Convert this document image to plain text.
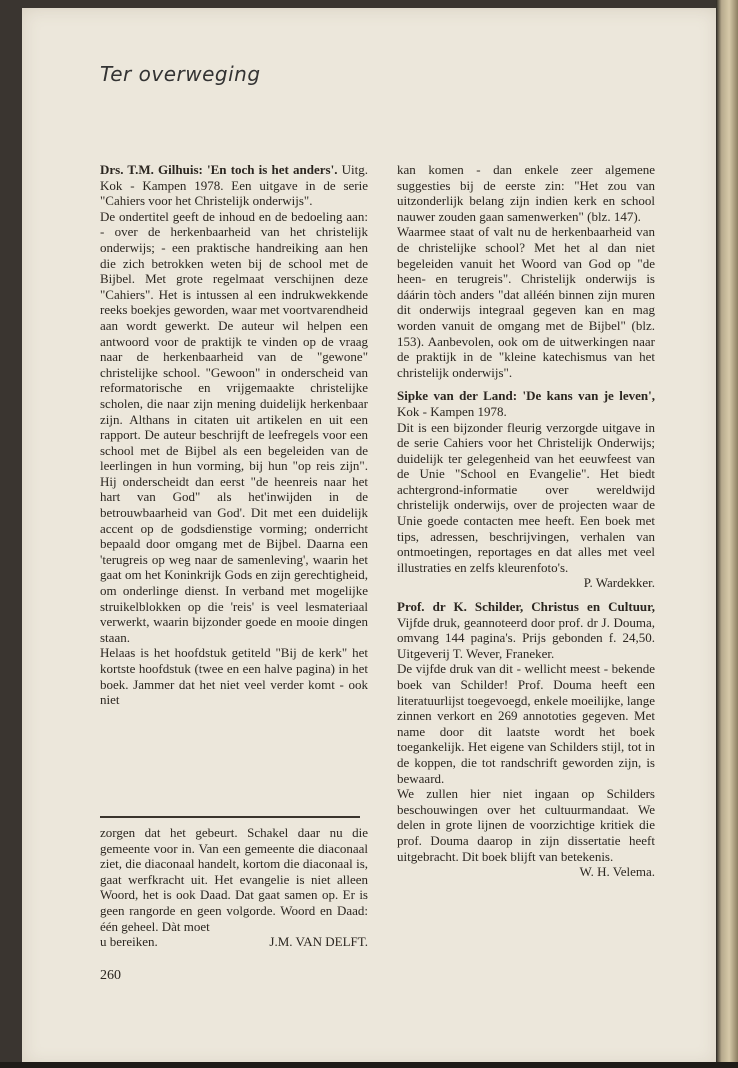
Ter overweging

Drs. T.M. Gilhuis: 'En toch is het anders'. Uitg. Kok - Kampen 1978. Een uitgave in de serie "Cahiers voor het Christelijk onderwijs".

De ondertitel geeft de inhoud en de bedoeling aan: - over de herkenbaarheid van het christelijk onderwijs; - een praktische handreiking aan hen die zich betrokken weten bij de school met de Bijbel. Met grote regelmaat verschijnen deze "Cahiers". Het is intussen al een indrukwekkende reeks boekjes geworden, waar met voortvarendheid aan wordt gewerkt. De auteur wil helpen een antwoord voor de praktijk te vinden op de vraag naar de herkenbaarheid van de "gewone" christelijke school. "Gewoon" in onderscheid van reformatorische en vrijgemaakte christelijke scholen, die naar zijn mening duidelijk herkenbaar zijn. Althans in citaten uit artikelen en uit een rapport. De auteur beschrijft de leefregels voor een school met de Bijbel als een begeleiden van de leerlingen in hun vorming, bij hun "op reis zijn". Hij onderscheidt dan eerst "de heenreis naar het hart van God" als het'inwijden in de betrouwbaarheid van God'. Dit met een duidelijk accent op de godsdienstige vorming; onderricht bepaald door omgang met de Bijbel. Daarna een 'terugreis op weg naar de samenleving', waarin het gaat om het Koninkrijk Gods en zijn gerechtigheid, om onderlinge dienst. In verband met mogelijke struikelblokken op die 'reis' is veel lesmateriaal verwerkt, waarin bijzonder goede en mooie dingen staan.

Helaas is het hoofdstuk getiteld "Bij de kerk" het kortste hoofdstuk (twee en een halve pagina) in het boek. Jammer dat het niet veel verder komt - ook niet

zorgen dat het gebeurt. Schakel daar nu die gemeente voor in. Van een gemeente die diaconaal ziet, die diaconaal handelt, kortom die diaconaal is, gaat werfkracht uit. Het evangelie is niet alleen Woord, het is ook Daad. Dat gaat samen op. Er is geen rangorde en geen volgorde. Woord en Daad: één geheel. Dàt moet

u bereiken.	J.M. VAN DELFT.

kan komen - dan enkele zeer algemene suggesties bij de eerste zin: "Het zou van uitzonderlijk belang zijn indien kerk en school nauwer zouden gaan samenwerken" (blz. 147).

Waarmee staat of valt nu de herkenbaarheid van de christelijke school? Met het al dan niet begeleiden vanuit het Woord van God op "de heen- en terugreis". Christelijk onderwijs is dáárin tòch anders "dat alléén binnen zijn muren dit onderwijs integraal gegeven kan en mag worden vanuit de omgang met de Bijbel" (blz. 153). Aanbevolen, ook om de uitwerkingen naar de praktijk in de "kleine katechismus van het christelijk onderwijs".

Sipke van der Land: 'De kans van je leven', Kok - Kampen 1978.

Dit is een bijzonder fleurig verzorgde uitgave in de serie Cahiers voor het Christelijk Onderwijs; duidelijk ter gelegenheid van het eeuwfeest van de Unie "School en Evangelie". Het biedt achtergrond-informatie over wereldwijd christelijk onderwijs, over de projecten waar de Unie goede contacten mee heeft. Een boek met tips, adressen, beschrijvingen, verhalen van ontmoetingen, reportages en dat alles met veel illustraties en zelfs kleurenfoto's.

P. Wardekker.

Prof. dr K. Schilder, Christus en Cultuur, Vijfde druk, geannoteerd door prof. dr J. Douma, omvang 144 pagina's. Prijs gebonden f. 24,50. Uitgeverij T. Wever, Franeker.

De vijfde druk van dit - wellicht meest - bekende boek van Schilder! Prof. Douma heeft een literatuurlijst toegevoegd, enkele moeilijke, lange zinnen verkort en 269 annototies gegeven. Met name door dit laatste wordt het boek toegankelijk. Het eigene van Schilders stijl, tot in de koppen, die tot randschrift geworden zijn, is bewaard.

We zullen hier niet ingaan op Schilders beschouwingen over het cultuurmandaat. We delen in grote lijnen de voorzichtige kritiek die prof. Douma daarop in zijn dissertatie heeft uitgebracht. Dit boek blijft van betekenis.

W. H. Velema.

260
